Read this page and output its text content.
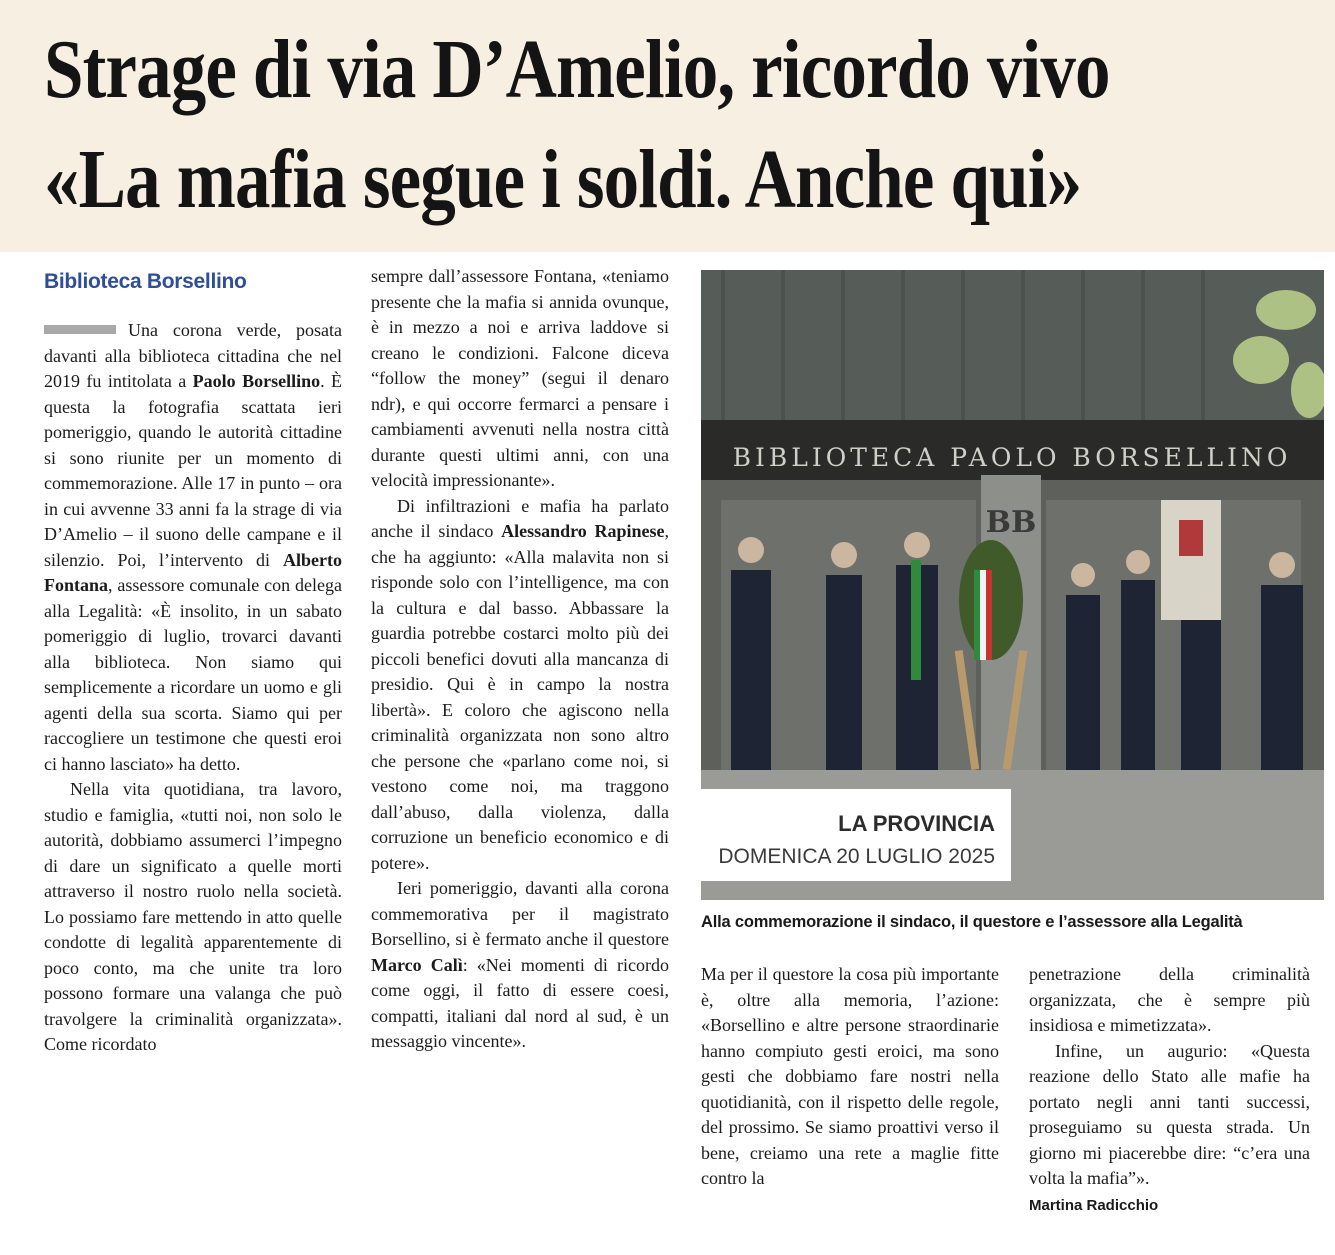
Strage di via D’Amelio, ricordo vivo
«La mafia segue i soldi. Anche qui»
Biblioteca Borsellino

Una corona verde, posata davanti alla biblioteca cittadina che nel 2019 fu intitolata a Paolo Borsellino. È questa la fotografia scattata ieri pomeriggio, quando le autorità cittadine si sono riunite per un momento di commemorazione. Alle 17 in punto – ora in cui avvenne 33 anni fa la strage di via D’Amelio – il suono delle campane e il silenzio. Poi, l’intervento di Alberto Fontana, assessore comunale con delega alla Legalità: «È insolito, in un sabato pomeriggio di luglio, trovarci davanti alla biblioteca. Non siamo qui semplicemente a ricordare un uomo e gli agenti della sua scorta. Siamo qui per raccogliere un testimone che questi eroi ci hanno lasciato» ha detto.

Nella vita quotidiana, tra lavoro, studio e famiglia, «tutti noi, non solo le autorità, dobbiamo assumerci l’impegno di dare un significato a quelle morti attraverso il nostro ruolo nella società. Lo possiamo fare mettendo in atto quelle condotte di legalità apparentemente di poco conto, ma che unite tra loro possono formare una valanga che può travolgere la criminalità organizzata». Come ricordato

sempre dall’assessore Fontana, «teniamo presente che la mafia si annida ovunque, è in mezzo a noi e arriva laddove si creano le condizioni. Falcone diceva “follow the money” (segui il denaro ndr), e qui occorre fermarci a pensare i cambiamenti avvenuti nella nostra città durante questi ultimi anni, con una velocità impressionante».

Di infiltrazioni e mafia ha parlato anche il sindaco Alessandro Rapinese, che ha aggiunto: «Alla malavita non si risponde solo con l’intelligence, ma con la cultura e dal basso. Abbassare la guardia potrebbe costarci molto più dei piccoli benefici dovuti alla mancanza di presidio. Qui è in campo la nostra libertà». E coloro che agiscono nella criminalità organizzata non sono altro che persone che «parlano come noi, si vestono come noi, ma traggono dall’abuso, dalla violenza, dalla corruzione un beneficio economico e di potere».

Ieri pomeriggio, davanti alla corona commemorativa per il magistrato Borsellino, si è fermato anche il questore Marco Calì: «Nei momenti di ricordo come oggi, il fatto di essere coesi, compatti, italiani dal nord al sud, è un messaggio vincente».

BIBLIOTECA PAOLO BORSELLINO
BB

LA PROVINCIA

DOMENICA 20 LUGLIO 2025

Alla commemorazione il sindaco, il questore e l’assessore alla Legalità

Ma per il questore la cosa più importante è, oltre alla memoria, l’azione: «Borsellino e altre persone straordinarie hanno compiuto gesti eroici, ma sono gesti che dobbiamo fare nostri nella quotidianità, con il rispetto delle regole, del prossimo. Se siamo proattivi verso il bene, creiamo una rete a maglie fitte contro la

penetrazione della criminalità organizzata, che è sempre più insidiosa e mimetizzata».

Infine, un augurio: «Questa reazione dello Stato alle mafie ha portato negli anni tanti successi, proseguiamo su questa strada. Un giorno mi piacerebbe dire: “c’era una volta la mafia”».

Martina Radicchio
